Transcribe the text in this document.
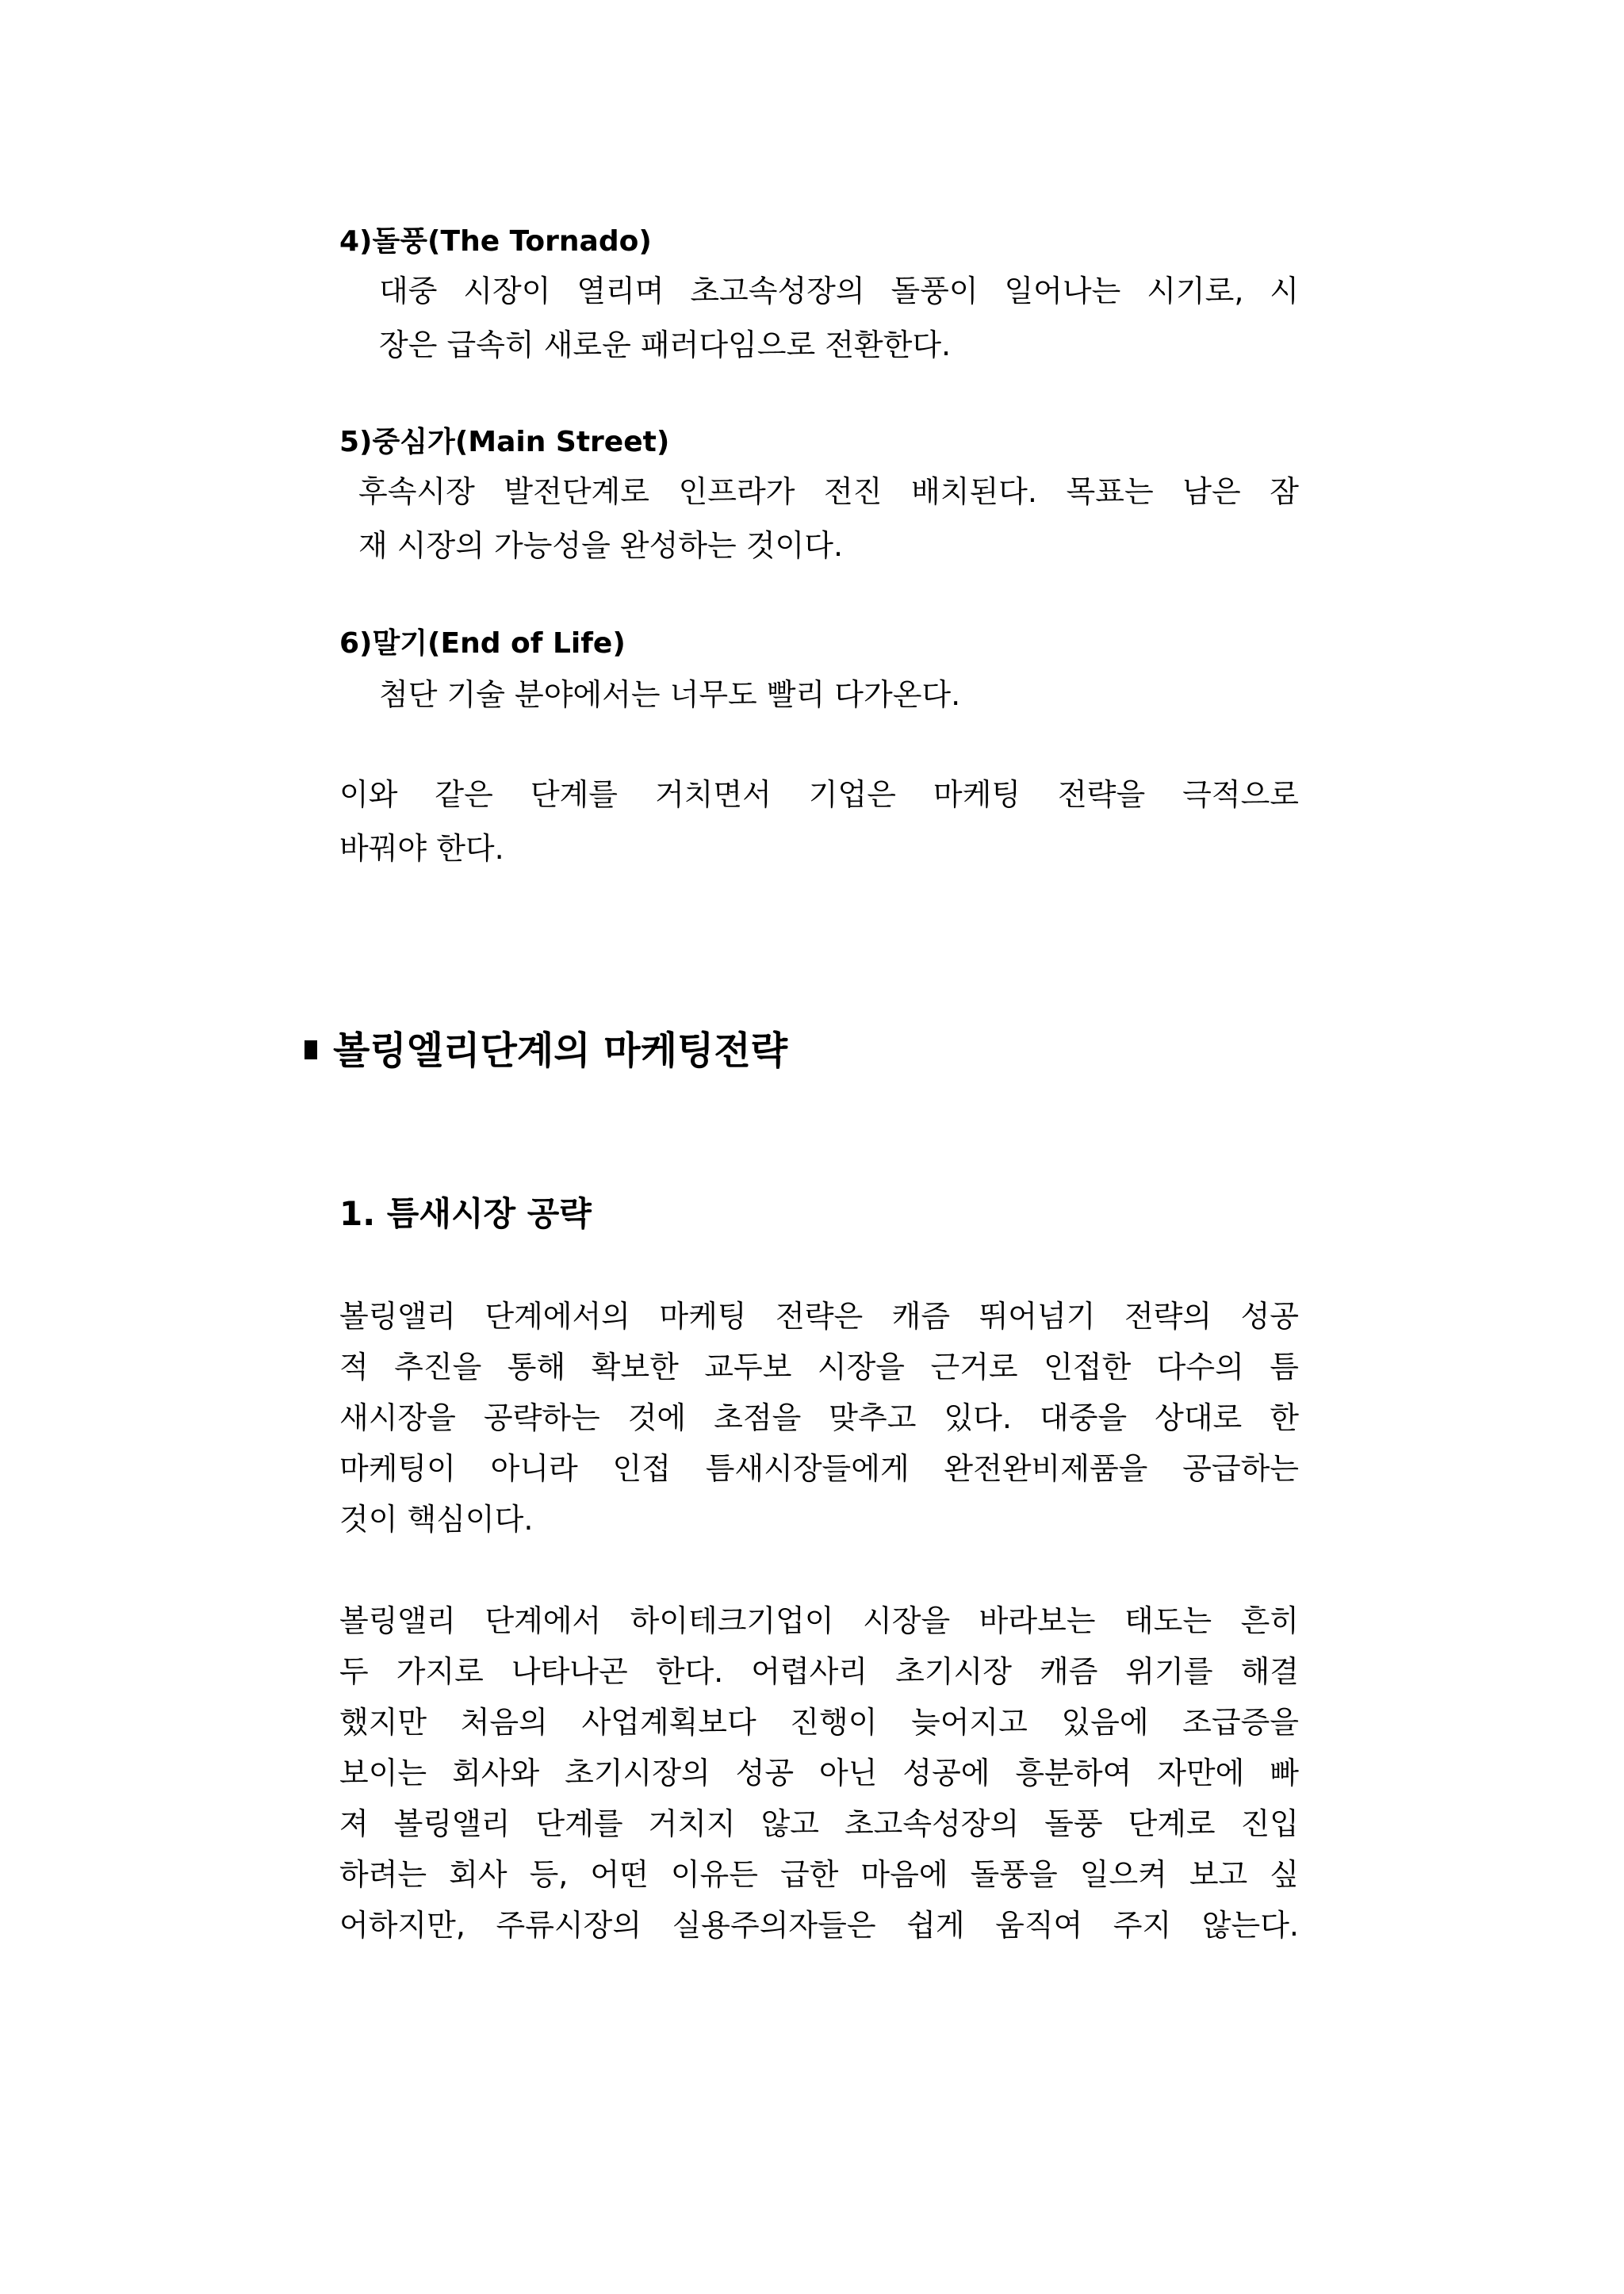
4)돌풍(The Tornado)
대중 시장이 열리며 초고속성장의 돌풍이 일어나는 시기로, 시
장은 급속히 새로운 패러다임으로 전환한다.
5)중심가(Main Street)
후속시장 발전단계로 인프라가 전진 배치된다. 목표는 남은 잠
재 시장의 가능성을 완성하는 것이다.
6)말기(End of Life)
첨단 기술 분야에서는 너무도 빨리 다가온다.
이와 같은 단계를 거치면서 기업은 마케팅 전략을 극적으로
바꿔야 한다.
볼링엘리단계의 마케팅전략
1. 틈새시장 공략
볼링앨리 단계에서의 마케팅 전략은 캐즘 뛰어넘기 전략의 성공
적 추진을 통해 확보한 교두보 시장을 근거로 인접한 다수의 틈
새시장을 공략하는 것에 초점을 맞추고 있다. 대중을 상대로 한
마케팅이 아니라 인접 틈새시장들에게 완전완비제품을 공급하는
것이 핵심이다.
볼링앨리 단계에서 하이테크기업이 시장을 바라보는 태도는 흔히
두 가지로 나타나곤 한다. 어렵사리 초기시장 캐즘 위기를 해결
했지만 처음의 사업계획보다 진행이 늦어지고 있음에 조급증을
보이는 회사와 초기시장의 성공 아닌 성공에 흥분하여 자만에 빠
져 볼링앨리 단계를 거치지 않고 초고속성장의 돌풍 단계로 진입
하려는 회사 등, 어떤 이유든 급한 마음에 돌풍을 일으켜 보고 싶
어하지만, 주류시장의 실용주의자들은 쉽게 움직여 주지 않는다.
